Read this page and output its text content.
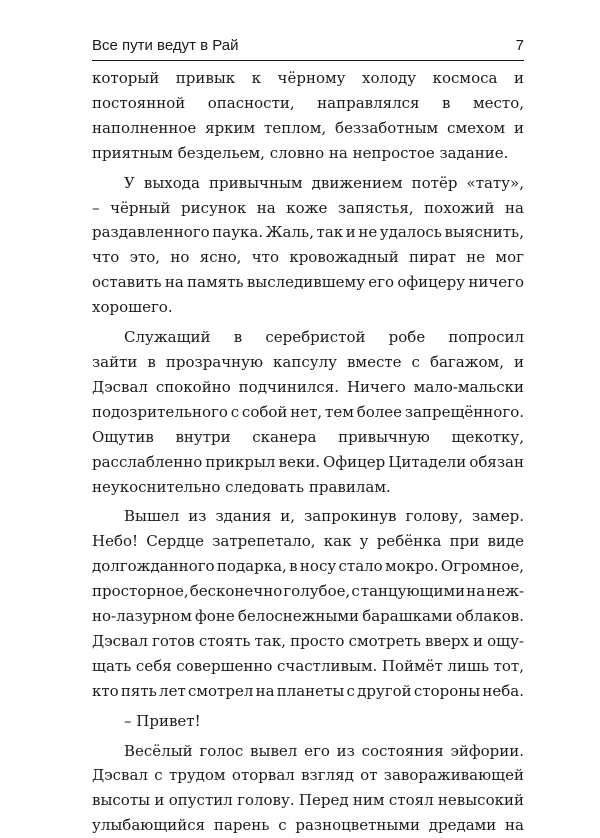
Все пути ведут в Рай	7
который привык к чёрному холоду космоса и
постоянной опасности, направлялся в место,
наполненное ярким теплом, беззаботным смехом и
приятным бездельем, словно на непростое задание.
У выхода привычным движением потёр «тату»,
– чёрный рисунок на коже запястья, похожий на
раздавленного паука. Жаль, так и не удалось выяснить,
что это, но ясно, что кровожадный пират не мог
оставить на память выследившему его офицеру ничего
хорошего.
Служащий в серебристой робе попросил
зайти в прозрачную капсулу вместе с багажом, и
Дэсвал спокойно подчинился. Ничего мало-мальски
подозрительного с собой нет, тем более запрещённого.
Ощутив внутри сканера привычную щекотку,
расслабленно прикрыл веки. Офицер Цитадели обязан
неукоснительно следовать правилам.
Вышел из здания и, запрокинув голову, замер.
Небо! Сердце затрепетало, как у ребёнка при виде
долгожданного подарка, в носу стало мокро. Огромное,
просторное, бесконечно голубое, с танцующими на неж-
но-лазурном фоне белоснежными барашками облаков.
Дэсвал готов стоять так, просто смотреть вверх и ощу-
щать себя совершенно счастливым. Поймёт лишь тот,
кто пять лет смотрел на планеты с другой стороны неба.
– Привет!
Весёлый голос вывел его из состояния эйфории.
Дэсвал с трудом оторвал взгляд от завораживающей
высоты и опустил голову. Перед ним стоял невысокий
улыбающийся парень с разноцветными дредами на
